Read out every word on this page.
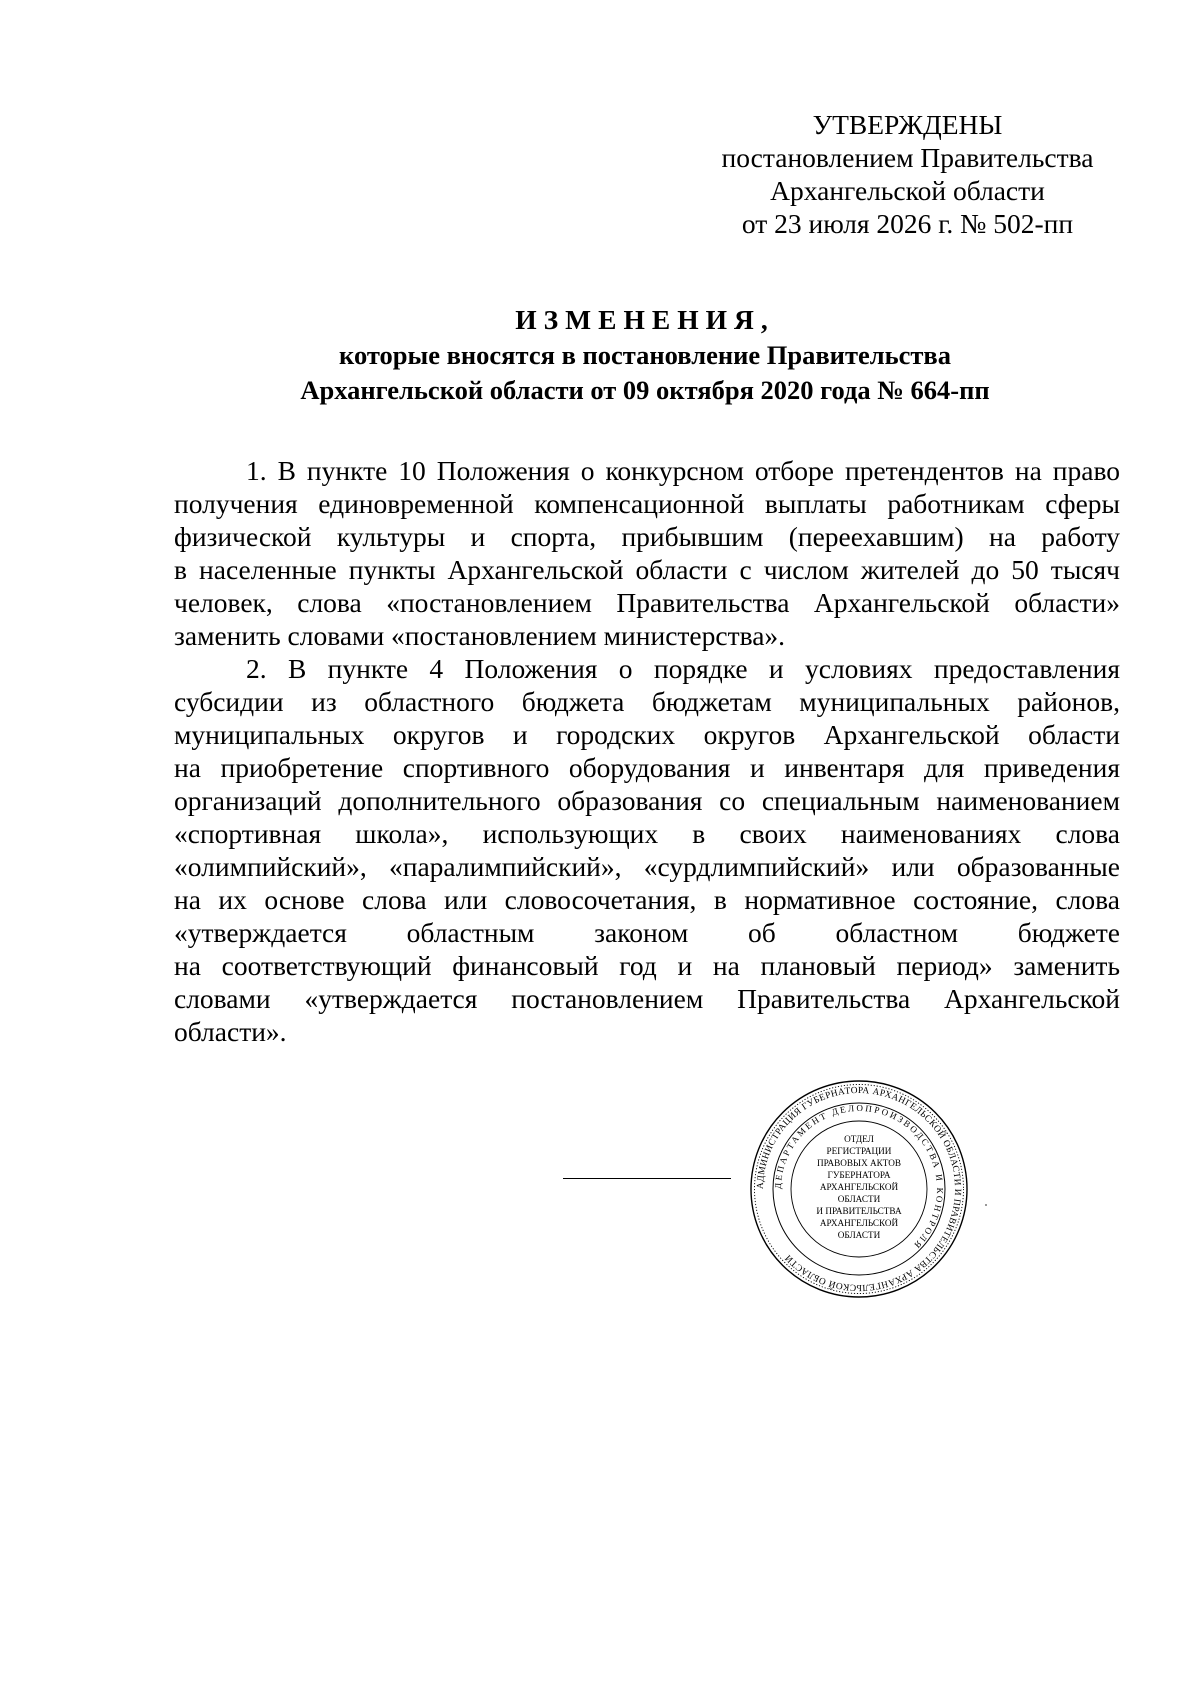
УТВЕРЖДЕНЫ
постановлением Правительства
Архангельской области
от 23 июля 2026 г. № 502-пп
ИЗМЕНЕНИЯ,
которые вносятся в постановление Правительства
Архангельской области от 09 октября 2020 года № 664-пп
1. В пункте 10 Положения о конкурсном отборе претендентов на право
получения единовременной компенсационной выплаты работникам сферы
физической культуры и спорта, прибывшим (переехавшим) на работу
в населенные пункты Архангельской области с числом жителей до 50 тысяч
человек, слова «постановлением Правительства Архангельской области»
заменить словами «постановлением министерства».
2. В пункте 4 Положения о порядке и условиях предоставления
субсидии из областного бюджета бюджетам муниципальных районов,
муниципальных округов и городских округов Архангельской области
на приобретение спортивного оборудования и инвентаря для приведения
организаций дополнительного образования со специальным наименованием
«спортивная школа», использующих в своих наименованиях слова
«олимпийский», «паралимпийский», «сурдлимпийский» или образованные
на их основе слова или словосочетания, в нормативное состояние, слова
«утверждается областным законом об областном бюджете
на соответствующий финансовый год и на плановый период» заменить
словами «утверждается постановлением Правительства Архангельской
области».
АДМИНИСТРАЦИЯ ГУБЕРНАТОРА АРХАНГЕЛЬСКОЙ ОБЛАСТИ И ПРАВИТЕЛЬСТВА АРХАНГЕЛЬСКОЙ ОБЛАСТИ
ДЕПАРТАМЕНТ ДЕЛОПРОИЗВОДСТВА И КОНТРОЛЯ
ОТДЕЛ
РЕГИСТРАЦИИ
ПРАВОВЫХ АКТОВ
ГУБЕРНАТОРА
АРХАНГЕЛЬСКОЙ
ОБЛАСТИ
И ПРАВИТЕЛЬСТВА
АРХАНГЕЛЬСКОЙ
ОБЛАСТИ
